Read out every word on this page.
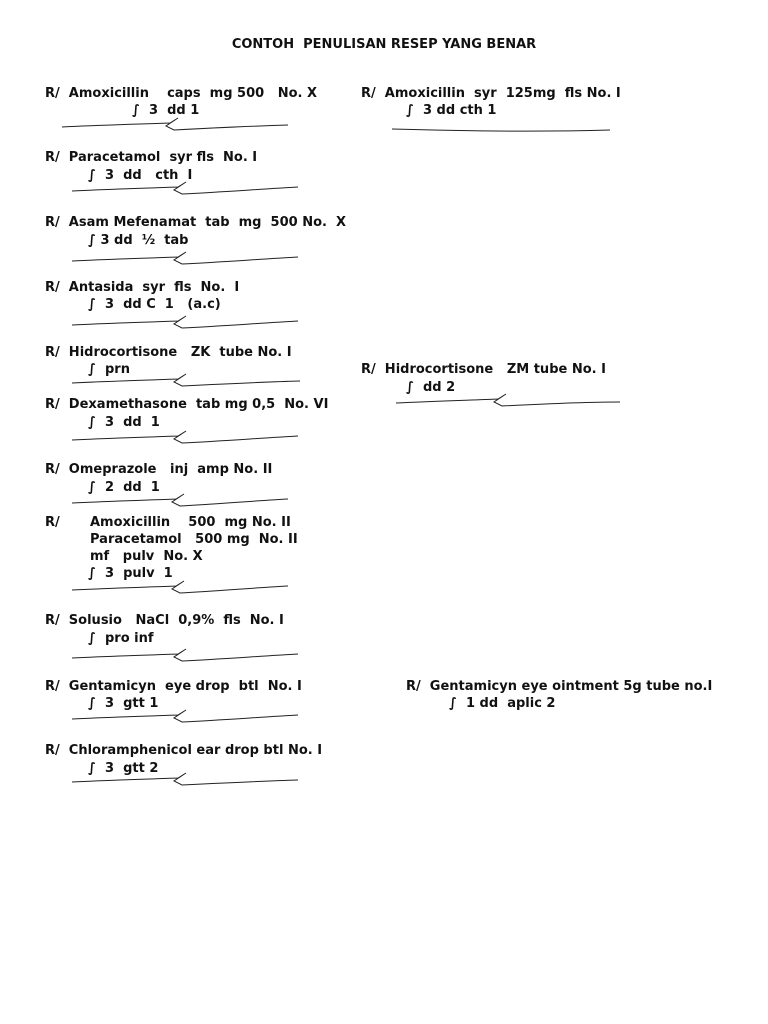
CONTOH  PENULISAN RESEP YANG BENAR
R/  Amoxicillin    caps  mg 500   No. X
∫  3  dd 1
R/  Paracetamol  syr fls  No. I
∫  3  dd   cth  I
R/  Asam Mefenamat  tab  mg  500 No.  X
∫ 3 dd  ½  tab
R/  Antasida  syr  fls  No.  I
∫  3  dd C  1   (a.c)
R/  Hidrocortisone   ZK  tube No. I
∫  prn
R/  Dexamethasone  tab mg 0,5  No. VI
∫  3  dd  1
R/  Omeprazole   inj  amp No. II
∫  2  dd  1
R/ Amoxicillin    500  mg No. II
Paracetamol   500 mg  No. II
mf   pulv  No. X
∫  3  pulv  1
R/  Solusio   NaCl  0,9%  fls  No. I
∫  pro inf
R/  Gentamicyn  eye drop  btl  No. I
∫  3  gtt 1
R/  Chloramphenicol ear drop btl No. I
∫  3  gtt 2
R/  Amoxicillin  syr  125mg  fls No. I
∫  3 dd cth 1
R/  Hidrocortisone   ZM tube No. I
∫  dd 2
R/  Gentamicyn eye ointment 5g tube no.I
∫  1 dd  aplic 2
